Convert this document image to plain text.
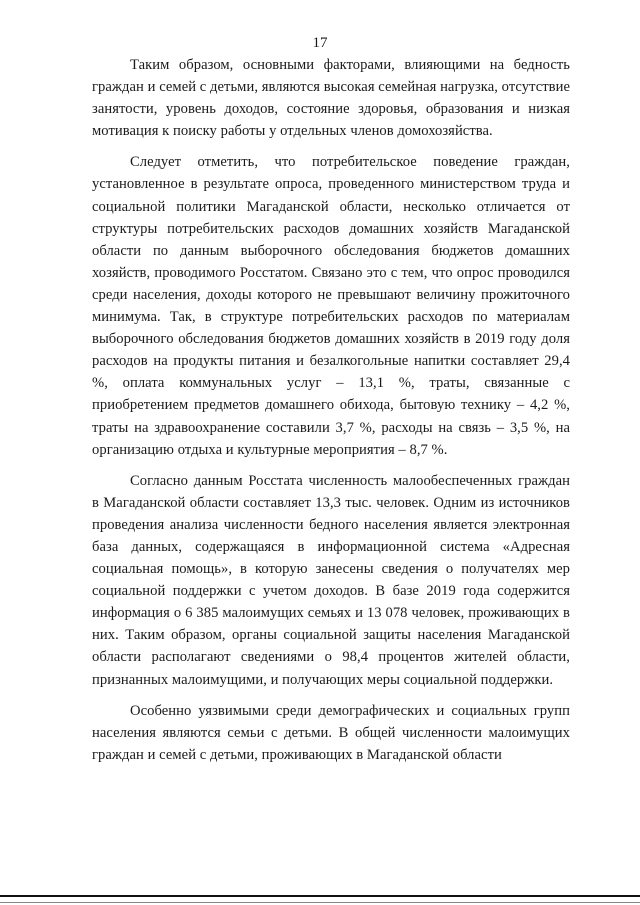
17

Таким образом, основными факторами, влияющими на бедность граждан и семей с детьми, являются высокая семейная нагрузка, отсутствие занятости, уровень доходов, состояние здоровья, образования и низкая мотивация к поиску работы у отдельных членов домохозяйства.

Следует отметить, что потребительское поведение граждан, установленное в результате опроса, проведенного министерством труда и социальной политики Магаданской области, несколько отличается от структуры потребительских расходов домашних хозяйств Магаданской области по данным выборочного обследования бюджетов домашних хозяйств, проводимого Росстатом. Связано это с тем, что опрос проводился среди населения, доходы которого не превышают величину прожиточного минимума. Так, в структуре потребительских расходов по материалам выборочного обследования бюджетов домашних хозяйств в 2019 году доля расходов на продукты питания и безалкогольные напитки составляет 29,4 %, оплата коммунальных услуг – 13,1 %, траты, связанные с приобретением предметов домашнего обихода, бытовую технику – 4,2 %, траты на здравоохранение составили 3,7 %, расходы на связь – 3,5 %, на организацию отдыха и культурные мероприятия – 8,7 %.

Согласно данным Росстата численность малообеспеченных граждан в Магаданской области составляет 13,3 тыс. человек. Одним из источников проведения анализа численности бедного населения является электронная база данных, содержащаяся в информационной система «Адресная социальная помощь», в которую занесены сведения о получателях мер социальной поддержки с учетом доходов. В базе 2019 года содержится информация о 6 385 малоимущих семьях и 13 078 человек, проживающих в них. Таким образом, органы социальной защиты населения Магаданской области располагают сведениями о 98,4 процентов жителей области, признанных малоимущими, и получающих меры социальной поддержки.

Особенно уязвимыми среди демографических и социальных групп населения являются семьи с детьми. В общей численности малоимущих граждан и семей с детьми, проживающих в Магаданской области
